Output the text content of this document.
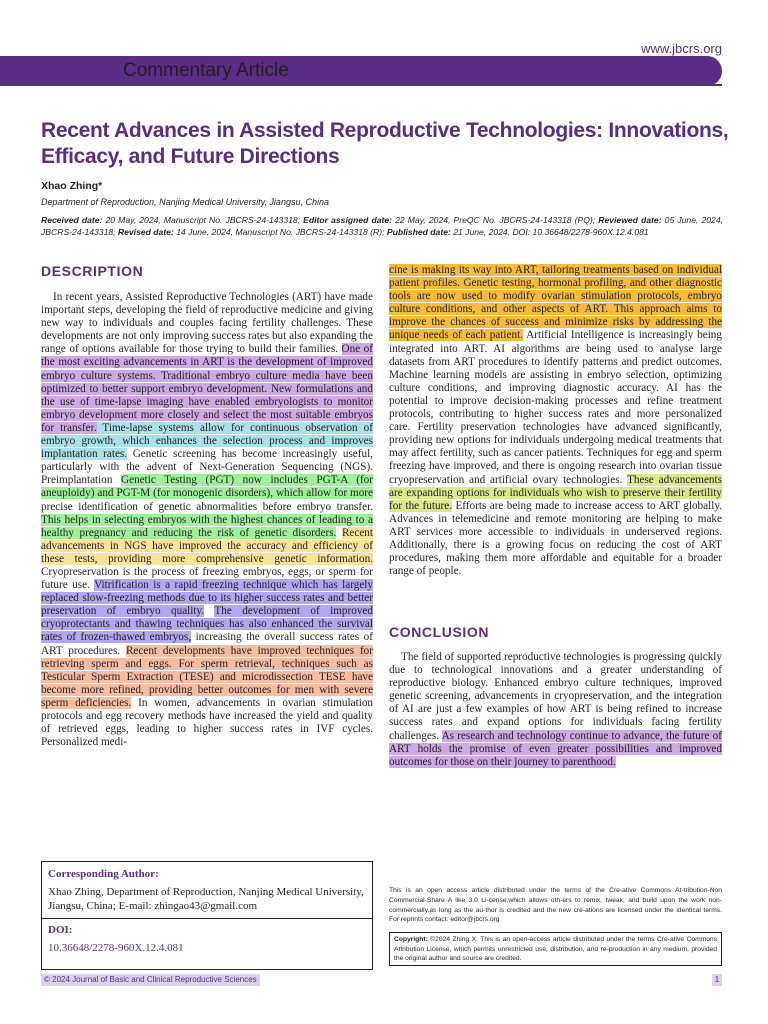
www.jbcrs.org
Commentary Article
Recent Advances in Assisted Reproductive Technologies: Innovations, Efficacy, and Future Directions
Xhao Zhing*
Department of Reproduction, Nanjing Medical University, Jiangsu, China
Received date: 20 May, 2024, Manuscript No. JBCRS-24-143318; Editor assigned date: 22 May, 2024, PreQC No. JBCRS-24-143318 (PQ); Reviewed date: 05 June, 2024, JBCRS-24-143318; Revised date: 14 June, 2024, Manuscript No. JBCRS-24-143318 (R); Published date: 21 June, 2024, DOI: 10.36648/2278-960X.12.4.081
DESCRIPTION

In recent years, Assisted Reproductive Technologies (ART) have made important steps, developing the field of reproductive medicine and giving new way to individuals and couples facing fertility challenges. These developments are not only improving success rates but also expanding the range of options available for those trying to build their families. One of the most exciting advancements in ART is the development of improved embryo culture systems. Traditional embryo culture media have been optimized to better support embryo development. New formulations and the use of time-lapse imaging have enabled embryologists to monitor embryo development more closely and select the most suitable embryos for transfer. Time-lapse systems allow for continuous observation of embryo growth, which enhances the selection process and improves implantation rates. Genetic screening has become increasingly useful, particularly with the advent of Next-Generation Sequencing (NGS). Preimplantation Genetic Testing (PGT) now includes PGT-A (for aneuploidy) and PGT-M (for monogenic disorders), which allow for more precise identification of genetic abnormalities before embryo transfer. This helps in selecting embryos with the highest chances of leading to a healthy pregnancy and reducing the risk of genetic disorders. Recent advancements in NGS have improved the accuracy and efficiency of these tests, providing more comprehensive genetic information. Cryopreservation is the process of freezing embryos, eggs, or sperm for future use. Vitrification is a rapid freezing technique which has largely replaced slow-freezing methods due to its higher success rates and better preservation of embryo quality. The development of improved cryoprotectants and thawing techniques has also enhanced the survival rates of frozen-thawed embryos, increasing the overall success rates of ART procedures. Recent developments have improved techniques for retrieving sperm and eggs. For sperm retrieval, techniques such as Testicular Sperm Extraction (TESE) and microdissection TESE have become more refined, providing better outcomes for men with severe sperm deficiencies. In women, advancements in ovarian stimulation protocols and egg recovery methods have increased the yield and quality of retrieved eggs, leading to higher success rates in IVF cycles. Personalized medi-

cine is making its way into ART, tailoring treatments based on individual patient profiles. Genetic testing, hormonal profiling, and other diagnostic tools are now used to modify ovarian stimulation protocols, embryo culture conditions, and other aspects of ART. This approach aims to improve the chances of success and minimize risks by addressing the unique needs of each patient. Artificial Intelligence is increasingly being integrated into ART. AI algorithms are being used to analyse large datasets from ART procedures to identify patterns and predict outcomes. Machine learning models are assisting in embryo selection, optimizing culture conditions, and improving diagnostic accuracy. AI has the potential to improve decision-making processes and refine treatment protocols, contributing to higher success rates and more personalized care. Fertility preservation technologies have advanced significantly, providing new options for individuals undergoing medical treatments that may affect fertility, such as cancer patients. Techniques for egg and sperm freezing have improved, and there is ongoing research into ovarian tissue cryopreservation and artificial ovary technologies. These advancements are expanding options for individuals who wish to preserve their fertility for the future. Efforts are being made to increase access to ART globally. Advances in telemedicine and remote monitoring are helping to make ART services more accessible to individuals in underserved regions. Additionally, there is a growing focus on reducing the cost of ART procedures, making them more affordable and equitable for a broader range of people.

CONCLUSION

The field of supported reproductive technologies is progressing quickly due to technological innovations and a greater understanding of reproductive biology. Enhanced embryo culture techniques, improved genetic screening, advancements in cryopreservation, and the integration of AI are just a few examples of how ART is being refined to increase success rates and expand options for individuals facing fertility challenges. As research and technology continue to advance, the future of ART holds the promise of even greater possibilities and improved outcomes for those on their journey to parenthood.

Corresponding Author:
Xhao Zhing, Department of Reproduction, Nanjing Medical University, Jiangsu, China; E-mail: zhingao43@gmail.com
DOI:
10.36648/2278-960X.12.4.081
This is an open access article distributed under the terms of the Cre-ative Commons At-tribution-Non Commercial-Share A like 3.0 Li-cense,which allows oth-ers to remix, tweak, and build upon the work non-commercially,as long as the au-thor is credited and the new cre-ations are licensed under the identical terms. For reprints contact: editor@jbcrs.org
Copyright: ©2024 Zhing X. This is an open-access article distributed under the terms Cre-ative Commons Attribution License, which permits unrestricted use, distribution, and re-production in any medium, provided the original author and source are credited.
© 2024 Journal of Basic and Clinical Reproductive Sciences	1
